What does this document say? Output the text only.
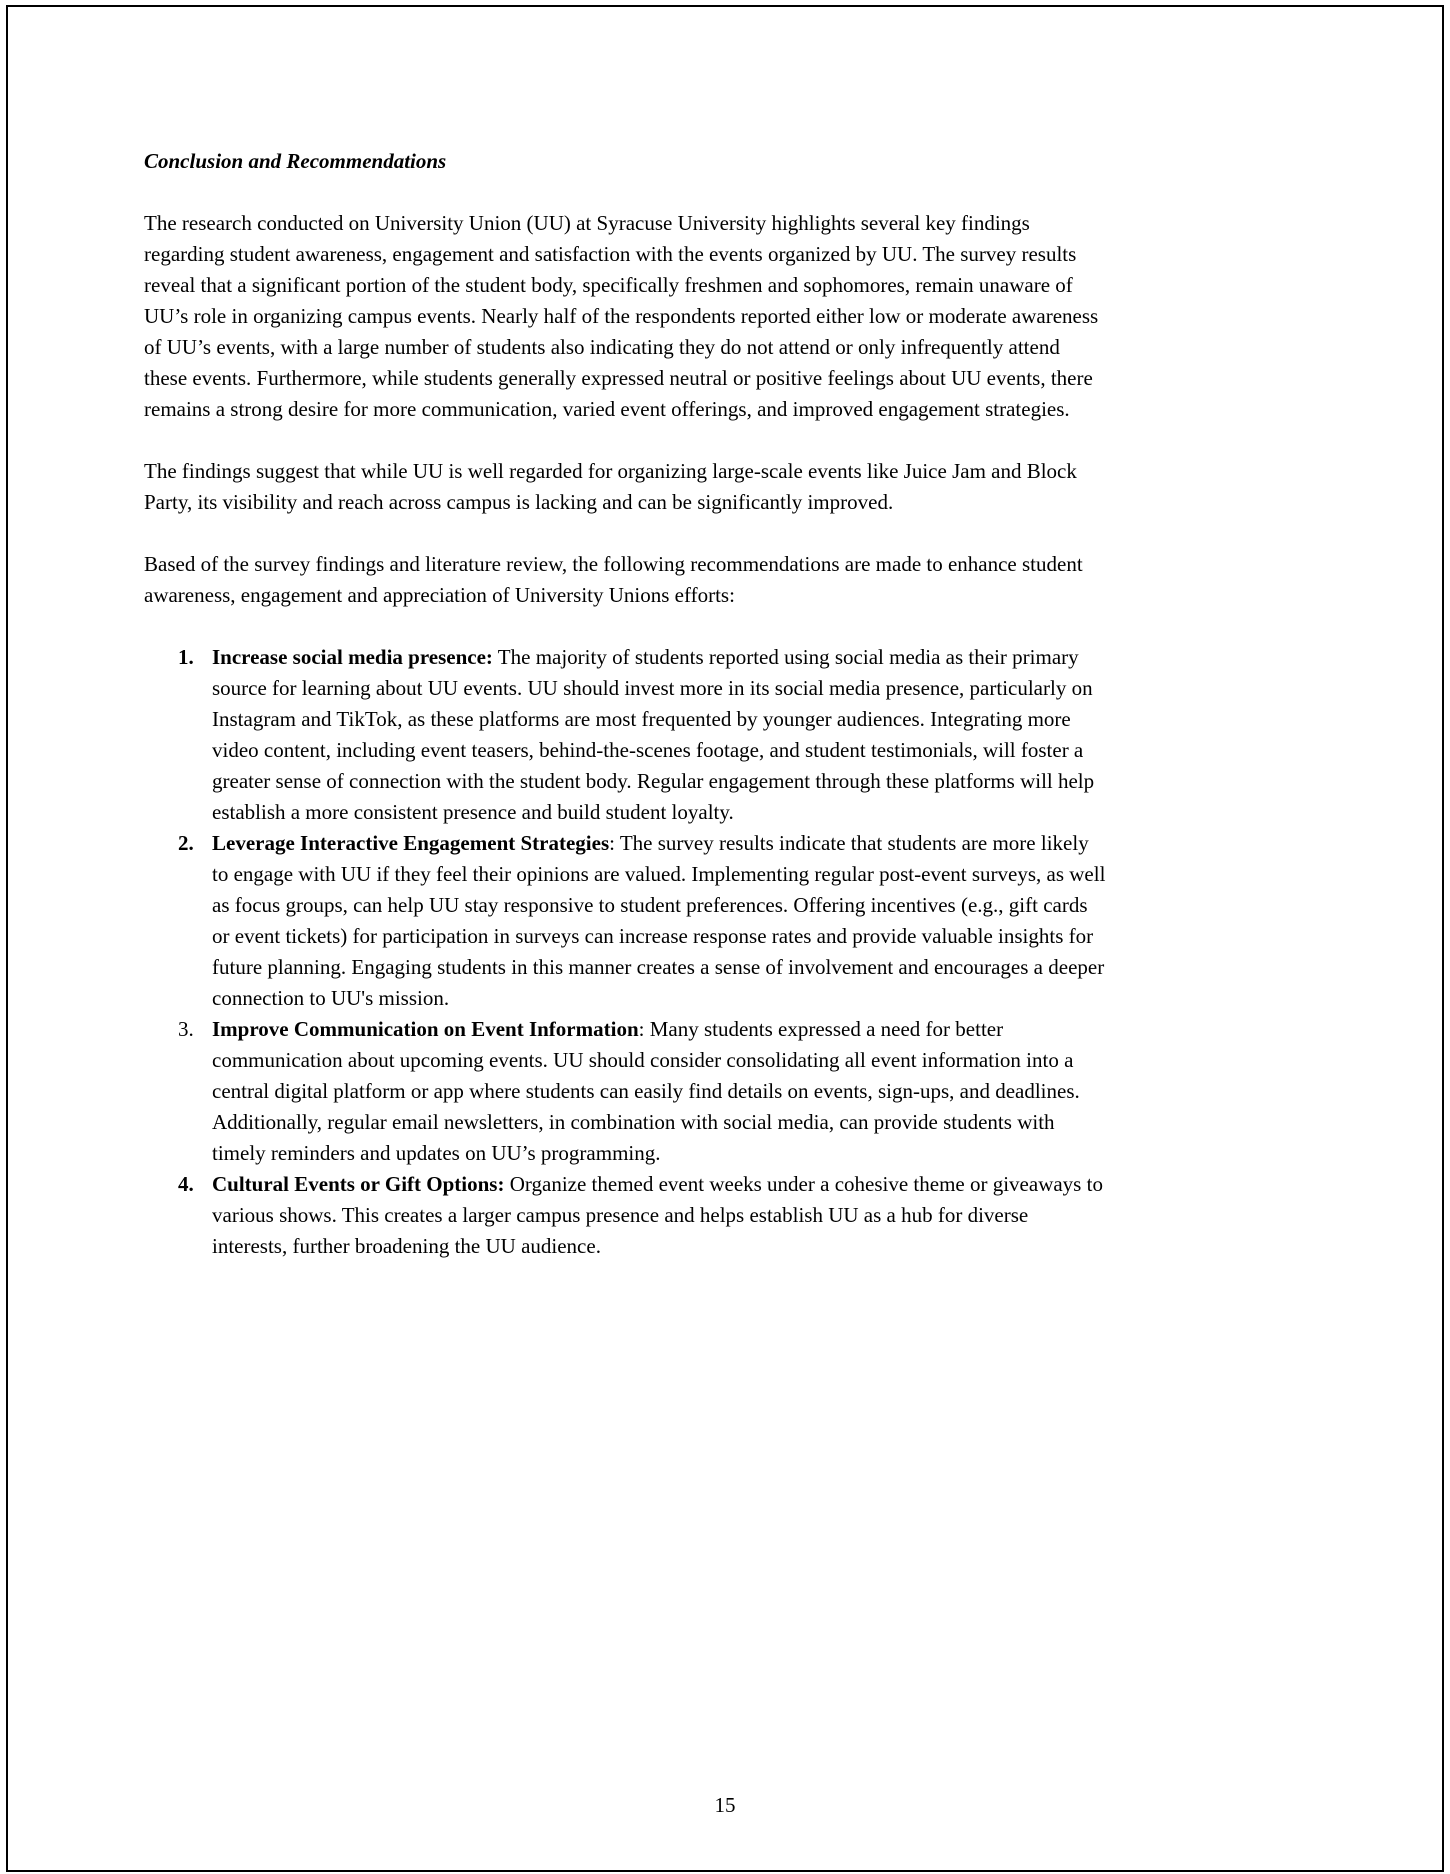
Conclusion and Recommendations

The research conducted on University Union (UU) at Syracuse University highlights several key findings regarding student awareness, engagement and satisfaction with the events organized by UU. The survey results reveal that a significant portion of the student body, specifically freshmen and sophomores, remain unaware of UU’s role in organizing campus events. Nearly half of the respondents reported either low or moderate awareness of UU’s events, with a large number of students also indicating they do not attend or only infrequently attend these events. Furthermore, while students generally expressed neutral or positive feelings about UU events, there remains a strong desire for more communication, varied event offerings, and improved engagement strategies.

The findings suggest that while UU is well regarded for organizing large-scale events like Juice Jam and Block Party, its visibility and reach across campus is lacking and can be significantly improved.

Based of the survey findings and literature review, the following recommendations are made to enhance student awareness, engagement and appreciation of University Unions efforts:

1. Increase social media presence: The majority of students reported using social media as their primary source for learning about UU events. UU should invest more in its social media presence, particularly on Instagram and TikTok, as these platforms are most frequented by younger audiences. Integrating more video content, including event teasers, behind-the-scenes footage, and student testimonials, will foster a greater sense of connection with the student body. Regular engagement through these platforms will help establish a more consistent presence and build student loyalty.
2. Leverage Interactive Engagement Strategies: The survey results indicate that students are more likely to engage with UU if they feel their opinions are valued. Implementing regular post-event surveys, as well as focus groups, can help UU stay responsive to student preferences. Offering incentives (e.g., gift cards or event tickets) for participation in surveys can increase response rates and provide valuable insights for future planning. Engaging students in this manner creates a sense of involvement and encourages a deeper connection to UU's mission.
3. Improve Communication on Event Information: Many students expressed a need for better communication about upcoming events. UU should consider consolidating all event information into a central digital platform or app where students can easily find details on events, sign-ups, and deadlines. Additionally, regular email newsletters, in combination with social media, can provide students with timely reminders and updates on UU’s programming.
4. Cultural Events or Gift Options: Organize themed event weeks under a cohesive theme or giveaways to various shows. This creates a larger campus presence and helps establish UU as a hub for diverse interests, further broadening the UU audience.
15
